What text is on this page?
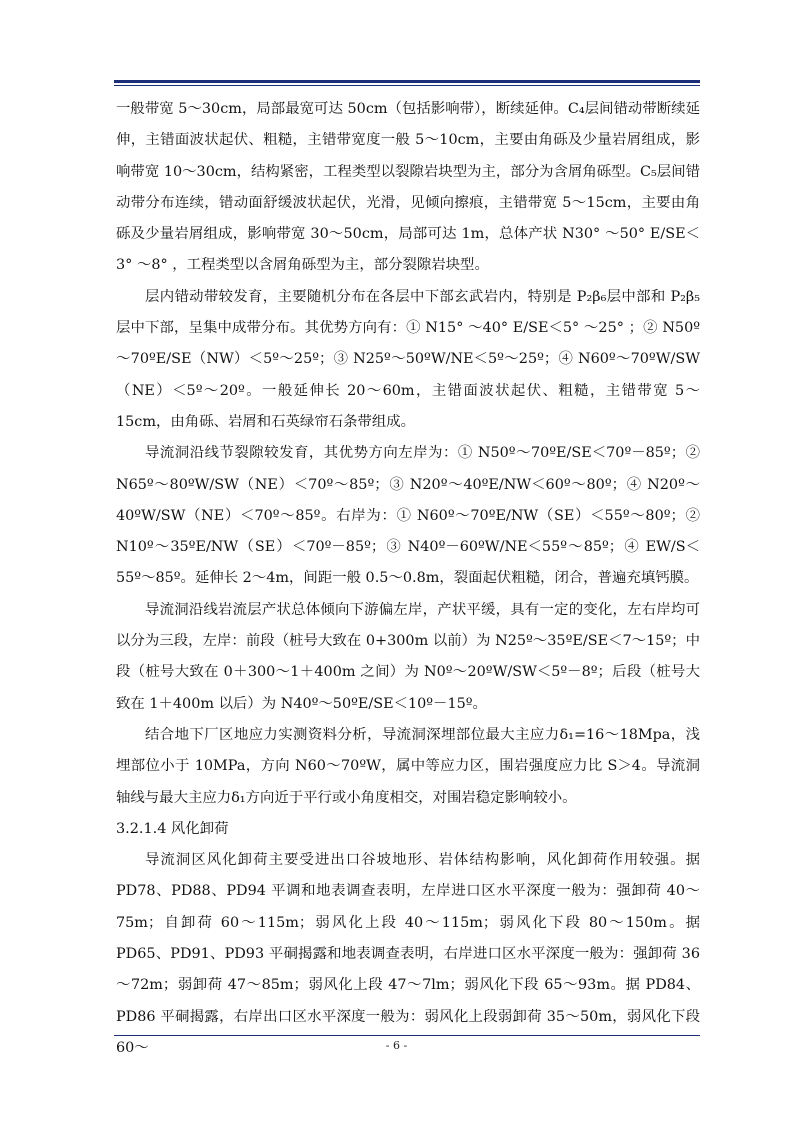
一般带宽 5～30cm，局部最宽可达 50cm（包括影响带），断续延伸。C₄层间错动带断续延伸，主错面波状起伏、粗糙，主错带宽度一般 5～10cm，主要由角砾及少量岩屑组成，影响带宽 10～30cm，结构紧密，工程类型以裂隙岩块型为主，部分为含屑角砾型。C₅层间错动带分布连续，错动面舒缓波状起伏，光滑，见倾向擦痕，主错带宽 5～15cm，主要由角砾及少量岩屑组成，影响带宽 30～50cm，局部可达 1m，总体产状 N30° ～50° E/SE＜3° ～8° ，工程类型以含屑角砾型为主，部分裂隙岩块型。

层内错动带较发育，主要随机分布在各层中下部玄武岩内，特别是 P₂β₆层中部和 P₂β₅层中下部，呈集中成带分布。其优势方向有：① N15° ～40° E/SE＜5° ～25° ；② N50º～70ºE/SE（NW）＜5º～25º；③ N25º～50ºW/NE＜5º～25º；④ N60º～70ºW/SW（NE）＜5º～20º。一般延伸长 20～60m，主错面波状起伏、粗糙，主错带宽 5～15cm，由角砾、岩屑和石英绿帘石条带组成。

导流洞沿线节裂隙较发育，其优势方向左岸为：① N50º～70ºE/SE＜70º－85º；② N65º～80ºW/SW（NE）＜70º～85º；③ N20º～40ºE/NW＜60º～80º；④ N20º～40ºW/SW（NE）＜70º～85º。右岸为：① N60º～70ºE/NW（SE）＜55º～80º；② N10º～35ºE/NW（SE）＜70º－85º；③ N40º－60ºW/NE＜55º～85º；④ EW/S＜55º～85º。延伸长 2～4m，间距一般 0.5～0.8m，裂面起伏粗糙，闭合，普遍充填钙膜。

导流洞沿线岩流层产状总体倾向下游偏左岸，产状平缓，具有一定的变化，左右岸均可以分为三段，左岸：前段（桩号大致在 0+300m 以前）为 N25º～35ºE/SE＜7～15º；中段（桩号大致在 0＋300～1＋400m 之间）为 N0º～20ºW/SW＜5º－8º；后段（桩号大致在 1＋400m 以后）为 N40º～50ºE/SE＜10º－15º。

结合地下厂区地应力实测资料分析，导流洞深埋部位最大主应力δ₁=16～18Mpa，浅埋部位小于 10MPa，方向 N60～70ºW，属中等应力区，围岩强度应力比 S＞4。导流洞轴线与最大主应力δ₁方向近于平行或小角度相交，对围岩稳定影响较小。

3.2.1.4 风化卸荷

导流洞区风化卸荷主要受进出口谷坡地形、岩体结构影响，风化卸荷作用较强。据 PD78、PD88、PD94 平调和地表调查表明，左岸进口区水平深度一般为：强卸荷 40～75m；自卸荷 60～115m；弱风化上段 40～115m；弱风化下段 80～150m。据 PD65、PD91、PD93 平硐揭露和地表调查表明，右岸进口区水平深度一般为：强卸荷 36～72m；弱卸荷 47～85m；弱风化上段 47～7lm；弱风化下段 65～93m。据 PD84、PD86 平硐揭露，右岸出口区水平深度一般为：弱风化上段弱卸荷 35～50m，弱风化下段 60～	- 6 -
